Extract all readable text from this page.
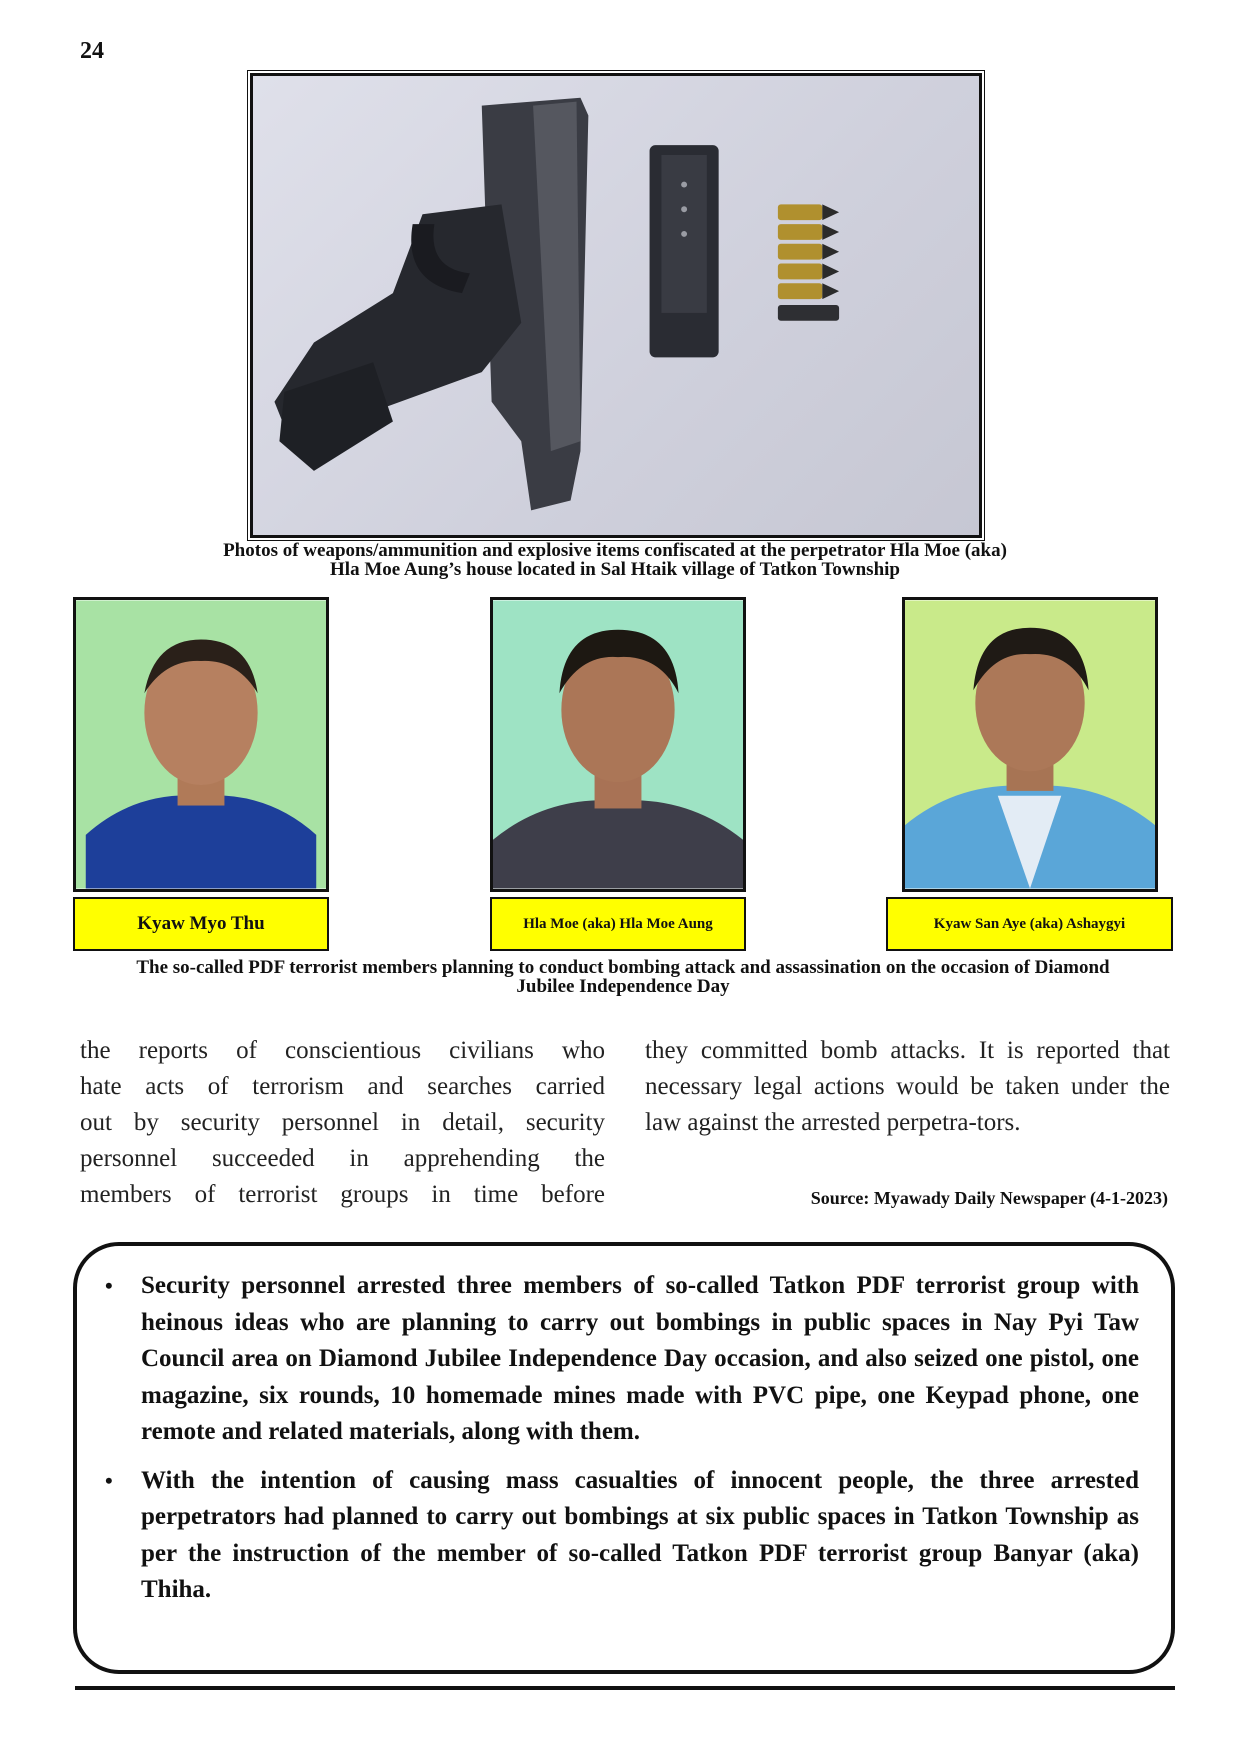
24
Photos of weapons/ammunition and explosive items confiscated at the perpetrator Hla Moe (aka)
Hla Moe Aung’s house located in Sal Htaik village of Tatkon Township
Kyaw Myo Thu	Hla Moe (aka) Hla Moe Aung	Kyaw San Aye (aka) Ashaygyi
The so-called PDF terrorist members planning to conduct bombing attack and assassination on the occasion of Diamond
Jubilee Independence Day
the reports of conscientious civilians who
hate acts of terrorism and searches carried
out by security personnel in detail, security
personnel succeeded in apprehending the
members of terrorist groups in time before
they committed bomb attacks. It is reported that necessary legal actions would be taken under the law against the arrested perpetra-tors.
Source: Myawady Daily Newspaper (4-1-2023)
• Security personnel arrested three members of so-called Tatkon PDF terrorist group with heinous ideas who are planning to carry out bombings in public spaces in Nay Pyi Taw Council area on Diamond Jubilee Independence Day occasion, and also seized one pistol, one magazine, six rounds, 10 homemade mines made with PVC pipe, one Keypad phone, one remote and related materials, along with them.
• With the intention of causing mass casualties of innocent people, the three arrested perpetrators had planned to carry out bombings at six public spaces in Tatkon Township as per the instruction of the member of so-called Tatkon PDF terrorist group Banyar (aka) Thiha.
